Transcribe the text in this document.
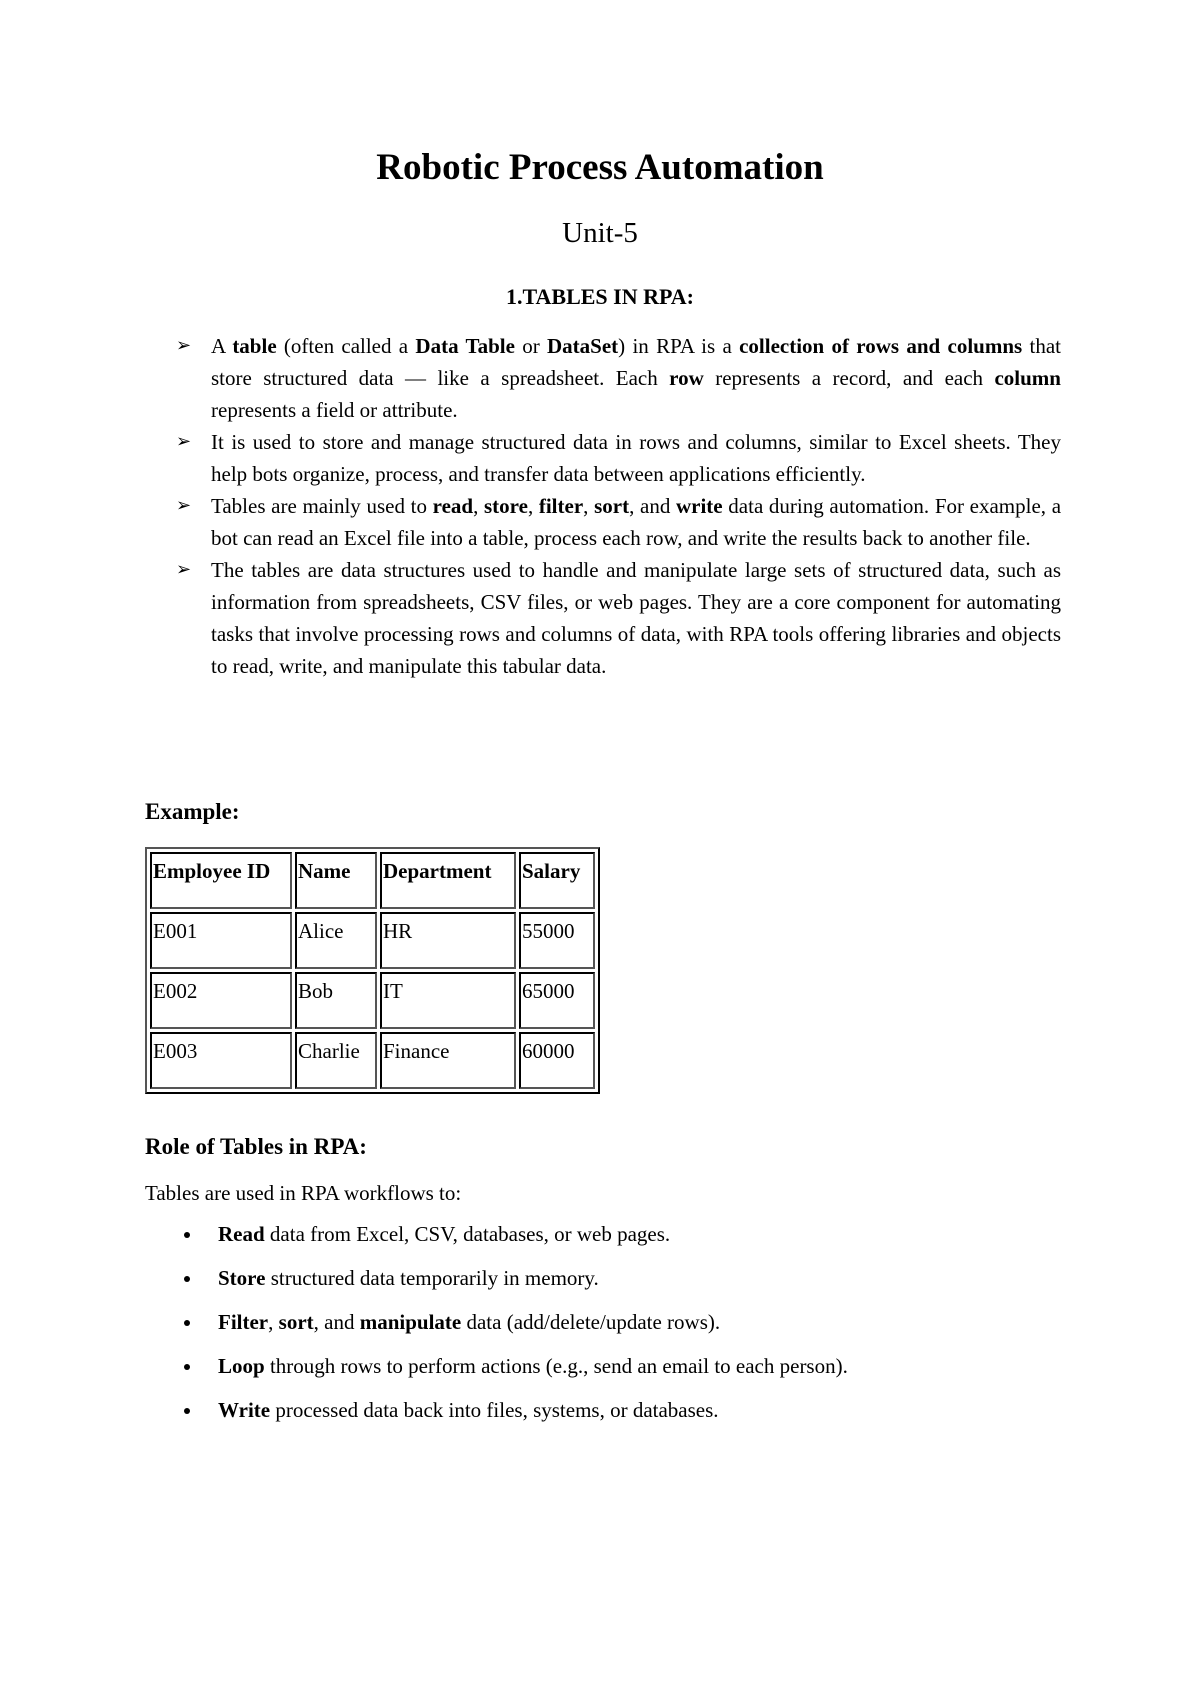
Robotic Process Automation
Unit-5
1.TABLES IN RPA:
➢ A table (often called a Data Table or DataSet) in RPA is a collection of rows and columns that store structured data — like a spreadsheet. Each row represents a record, and each column represents a field or attribute.

➢ It is used to store and manage structured data in rows and columns, similar to Excel sheets. They help bots organize, process, and transfer data between applications efficiently.

➢ Tables are mainly used to read, store, filter, sort, and write data during automation. For example, a bot can read an Excel file into a table, process each row, and write the results back to another file.

➢ The tables are data structures used to handle and manipulate large sets of structured data, such as information from spreadsheets, CSV files, or web pages. They are a core component for automating tasks that involve processing rows and columns of data, with RPA tools offering libraries and objects to read, write, and manipulate this tabular data.

Example:
Employee ID	Name	Department	Salary
E001	Alice	HR	55000
E002	Bob	IT	65000
E003	Charlie	Finance	60000
Role of Tables in RPA:
Tables are used in RPA workflows to:
Read data from Excel, CSV, databases, or web pages.
Store structured data temporarily in memory.
Filter, sort, and manipulate data (add/delete/update rows).
Loop through rows to perform actions (e.g., send an email to each person).
Write processed data back into files, systems, or databases.
